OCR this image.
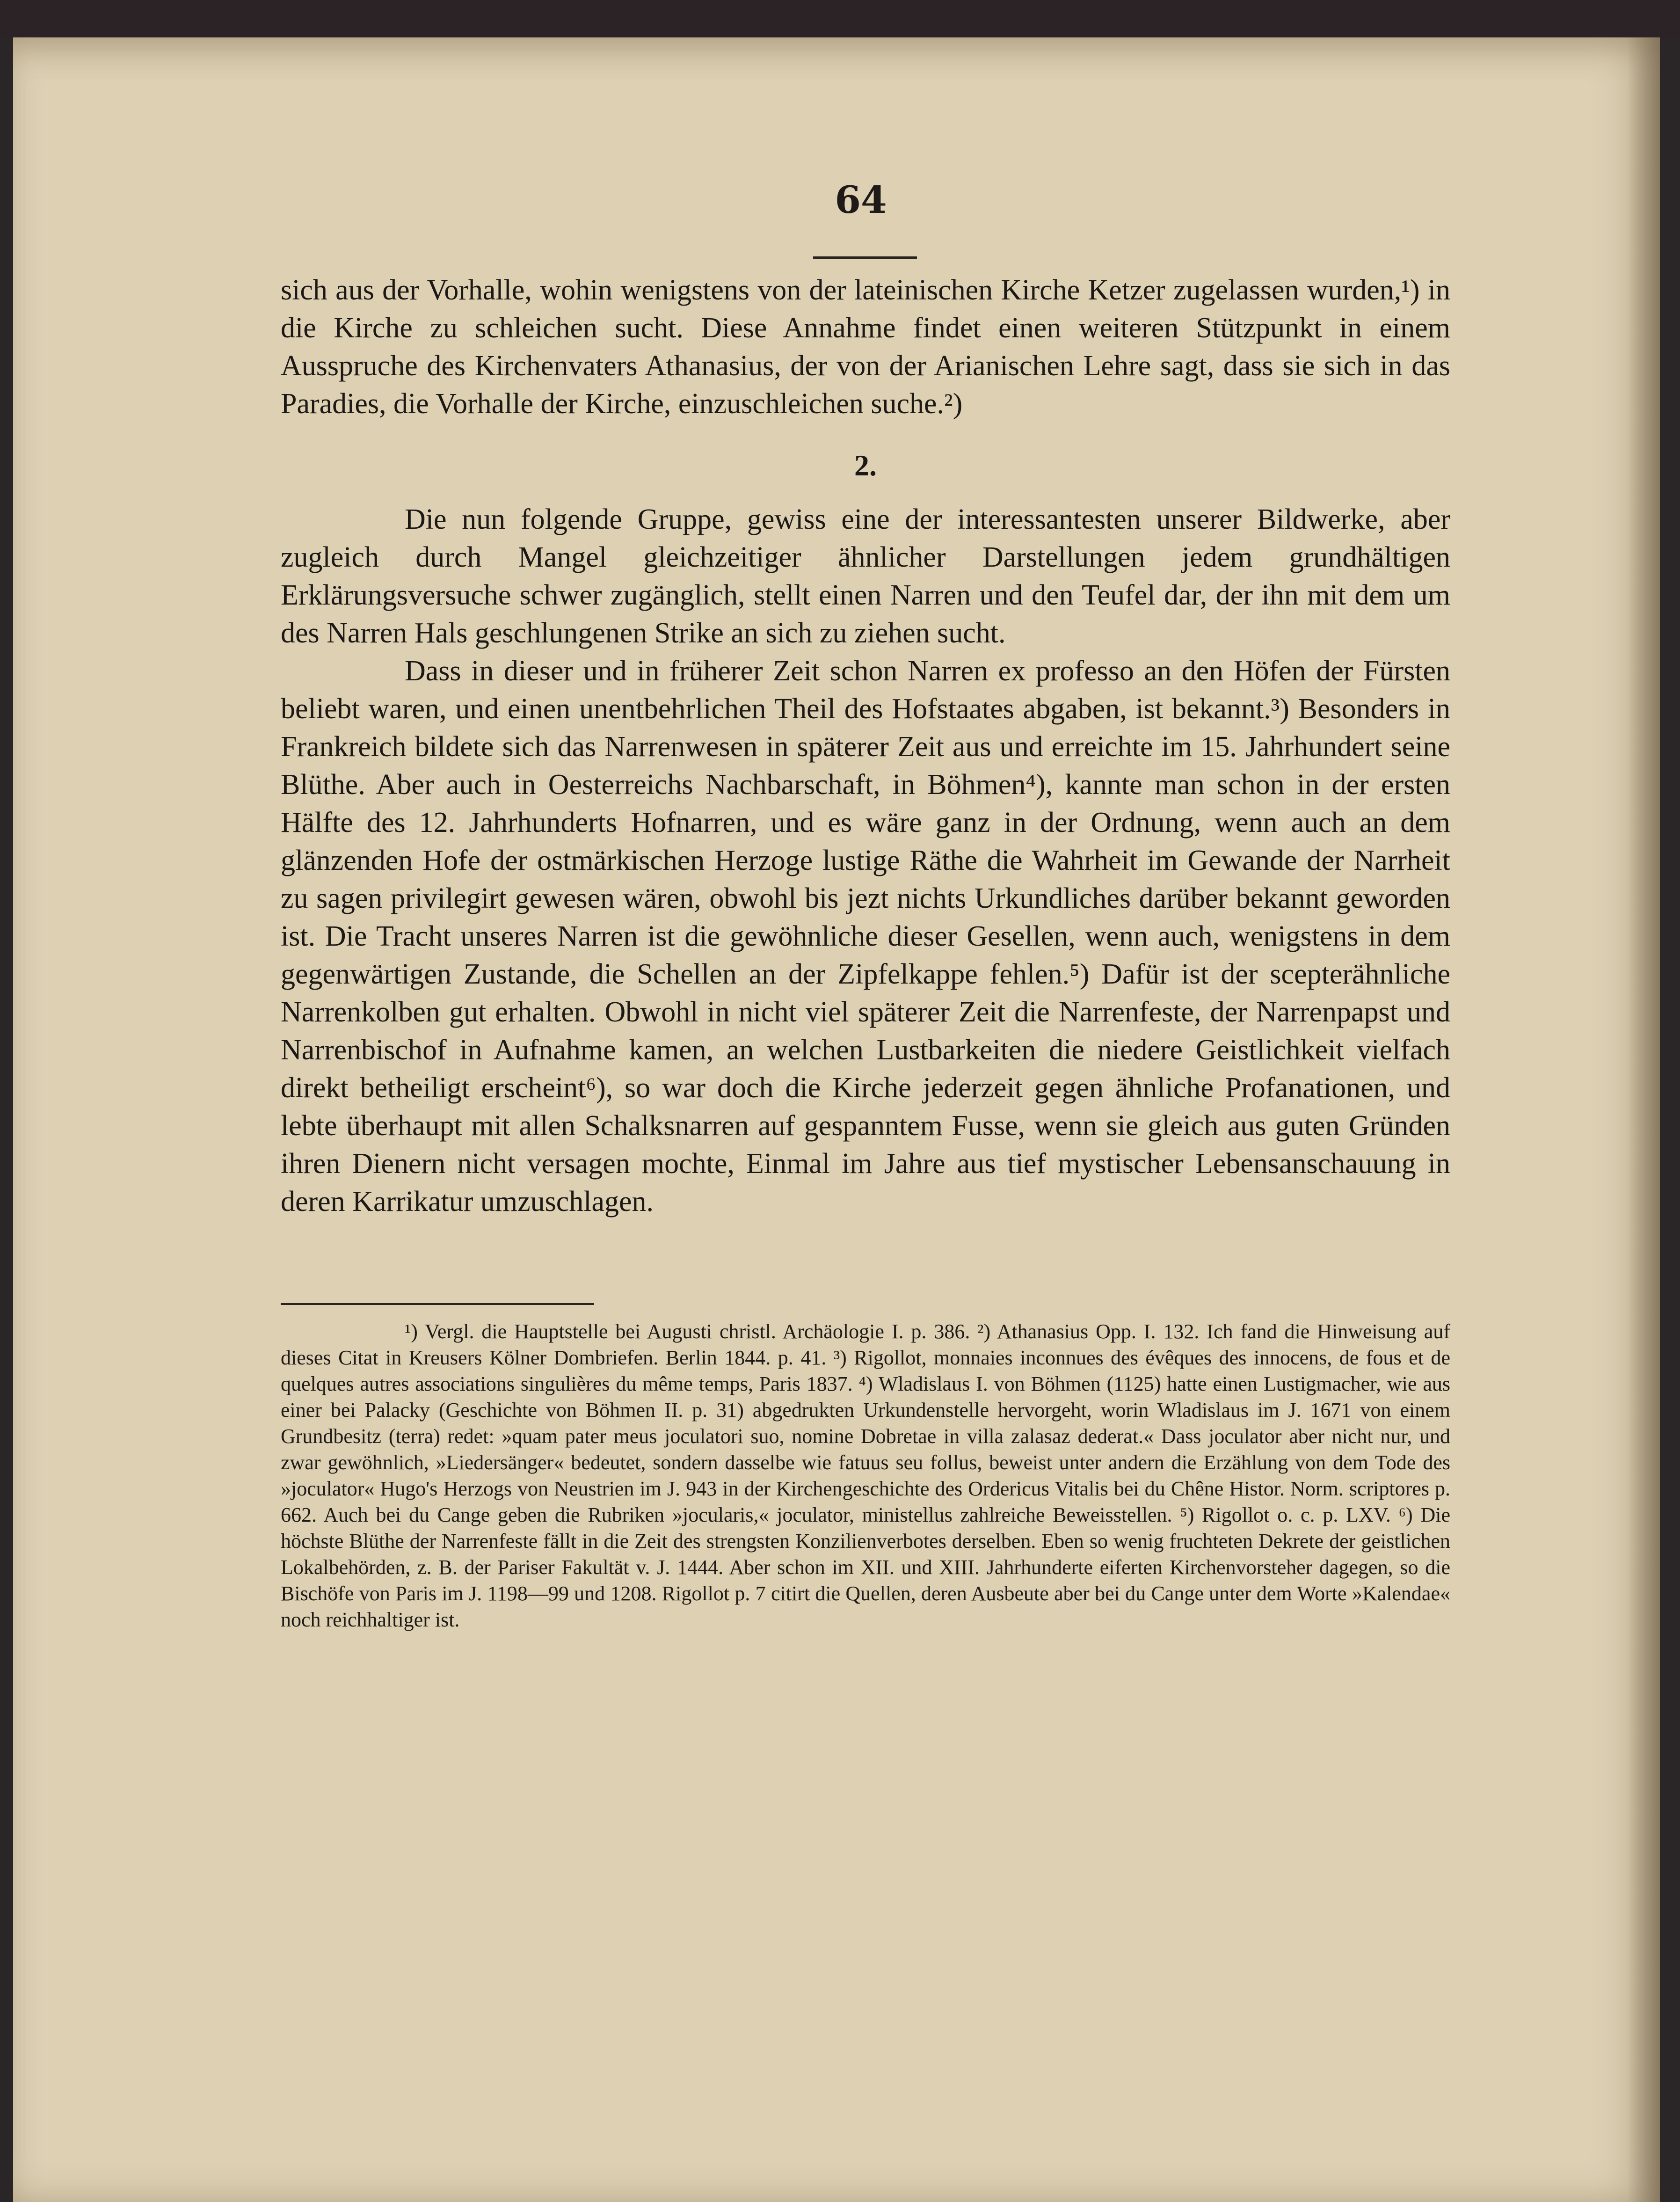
64

sich aus der Vorhalle, wohin wenigstens von der lateinischen Kirche Ketzer zugelassen wurden,¹) in die Kirche zu schleichen sucht. Diese Annahme findet einen weiteren Stützpunkt in einem Ausspruche des Kirchenvaters Athanasius, der von der Arianischen Lehre sagt, dass sie sich in das Paradies, die Vorhalle der Kirche, einzuschleichen suche.²)

2.

Die nun folgende Gruppe, gewiss eine der interessantesten unserer Bildwerke, aber zugleich durch Mangel gleichzeitiger ähnlicher Darstellungen jedem grundhältigen Erklärungsversuche schwer zugänglich, stellt einen Narren und den Teufel dar, der ihn mit dem um des Narren Hals geschlungenen Strike an sich zu ziehen sucht.

Dass in dieser und in früherer Zeit schon Narren ex professo an den Höfen der Fürsten beliebt waren, und einen unentbehrlichen Theil des Hofstaates abgaben, ist bekannt.³) Besonders in Frankreich bildete sich das Narrenwesen in späterer Zeit aus und erreichte im 15. Jahrhundert seine Blüthe. Aber auch in Oesterreichs Nachbarschaft, in Böhmen⁴), kannte man schon in der ersten Hälfte des 12. Jahrhunderts Hofnarren, und es wäre ganz in der Ordnung, wenn auch an dem glänzenden Hofe der ostmärkischen Herzoge lustige Räthe die Wahrheit im Gewande der Narrheit zu sagen privilegirt gewesen wären, obwohl bis jezt nichts Urkundliches darüber bekannt geworden ist. Die Tracht unseres Narren ist die gewöhnliche dieser Gesellen, wenn auch, wenigstens in dem gegenwärtigen Zustande, die Schellen an der Zipfelkappe fehlen.⁵) Dafür ist der scepterähnliche Narrenkolben gut erhalten. Obwohl in nicht viel späterer Zeit die Narrenfeste, der Narrenpapst und Narrenbischof in Aufnahme kamen, an welchen Lustbarkeiten die niedere Geistlichkeit vielfach direkt betheiligt erscheint⁶), so war doch die Kirche jederzeit gegen ähnliche Profanationen, und lebte überhaupt mit allen Schalksnarren auf gespanntem Fusse, wenn sie gleich aus guten Gründen ihren Dienern nicht versagen mochte, Einmal im Jahre aus tief mystischer Lebensanschauung in deren Karrikatur umzuschlagen.

¹) Vergl. die Hauptstelle bei Augusti christl. Archäologie I. p. 386. ²) Athanasius Opp. I. 132. Ich fand die Hinweisung auf dieses Citat in Kreusers Kölner Dombriefen. Berlin 1844. p. 41. ³) Rigollot, monnaies inconnues des évêques des innocens, de fous et de quelques autres associations singulières du même temps, Paris 1837. ⁴) Wladislaus I. von Böhmen (1125) hatte einen Lustigmacher, wie aus einer bei Palacky (Geschichte von Böhmen II. p. 31) abgedrukten Urkundenstelle hervorgeht, worin Wladislaus im J. 1671 von einem Grundbesitz (terra) redet: »quam pater meus joculatori suo, nomine Dobretae in villa zalasaz dederat.« Dass joculator aber nicht nur, und zwar gewöhnlich, »Liedersänger« bedeutet, sondern dasselbe wie fatuus seu follus, beweist unter andern die Erzählung von dem Tode des »joculator« Hugo's Herzogs von Neustrien im J. 943 in der Kirchengeschichte des Ordericus Vitalis bei du Chêne Histor. Norm. scriptores p. 662. Auch bei du Cange geben die Rubriken »jocularis,« joculator, ministellus zahlreiche Beweisstellen. ⁵) Rigollot o. c. p. LXV. ⁶) Die höchste Blüthe der Narrenfeste fällt in die Zeit des strengsten Konzilienverbotes derselben. Eben so wenig fruchteten Dekrete der geistlichen Lokalbehörden, z. B. der Pariser Fakultät v. J. 1444. Aber schon im XII. und XIII. Jahrhunderte eiferten Kirchenvorsteher dagegen, so die Bischöfe von Paris im J. 1198—99 und 1208. Rigollot p. 7 citirt die Quellen, deren Ausbeute aber bei du Cange unter dem Worte »Kalendae« noch reichhaltiger ist.
